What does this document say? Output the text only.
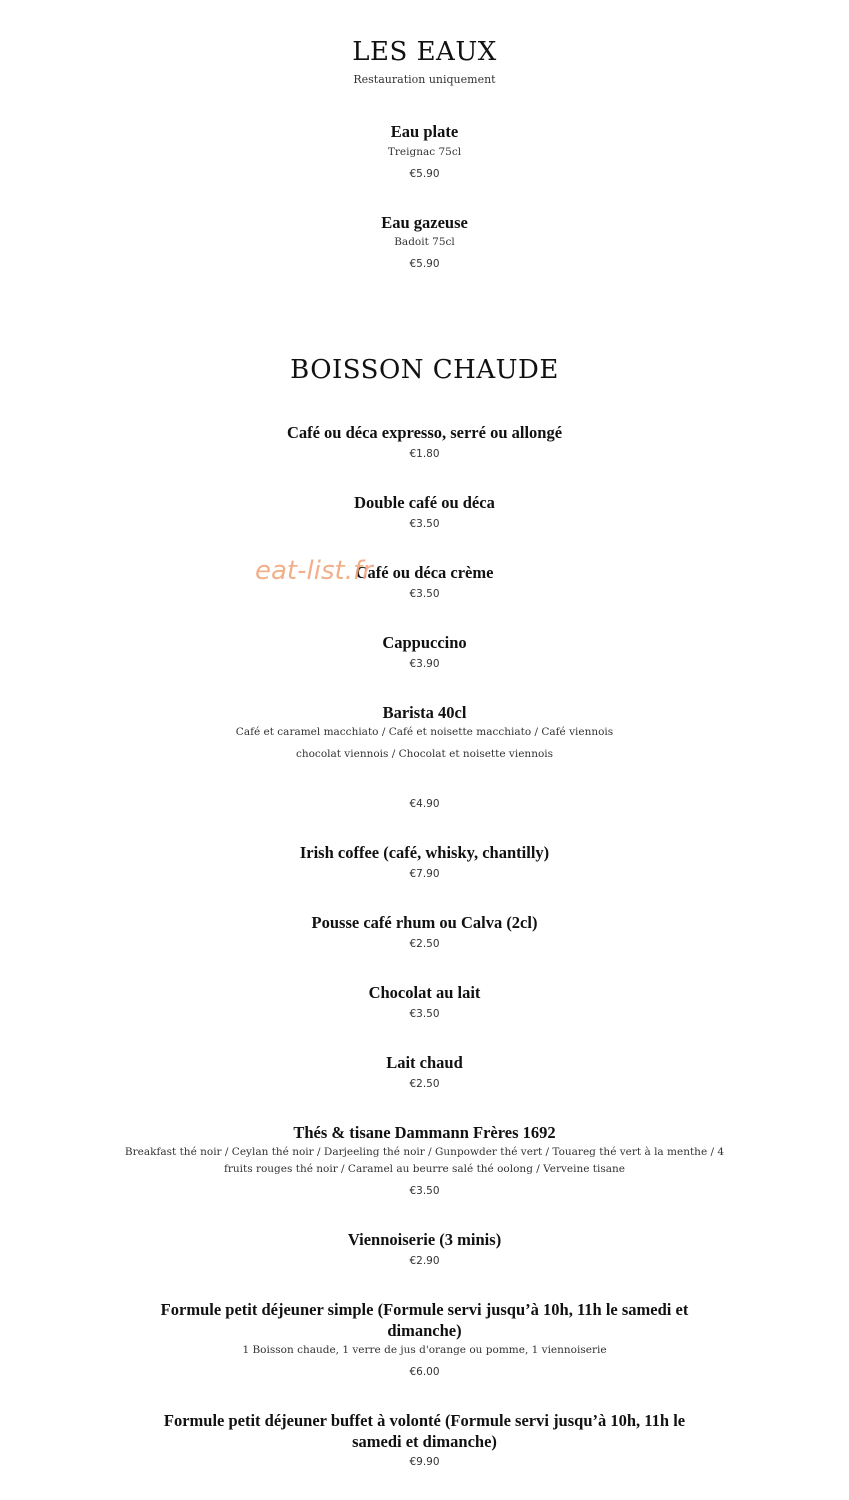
LES EAUX
Restauration uniquement
Eau plate
Treignac 75cl
€5.90
Eau gazeuse
Badoit 75cl
€5.90
BOISSON CHAUDE
Café ou déca expresso, serré ou allongé
€1.80
Double café ou déca
€3.50
Café ou déca crème
€3.50
Cappuccino
€3.90
Barista 40cl
Café et caramel macchiato / Café et noisette macchiato / Café viennois
chocolat viennois / Chocolat et noisette viennois
€4.90
Irish coffee (café, whisky, chantilly)
€7.90
Pousse café rhum ou Calva (2cl)
€2.50
Chocolat au lait
€3.50
Lait chaud
€2.50
Thés & tisane Dammann Frères 1692
Breakfast thé noir / Ceylan thé noir / Darjeeling thé noir / Gunpowder thé vert / Touareg thé vert à la menthe / 4
fruits rouges thé noir / Caramel au beurre salé thé oolong / Verveine tisane
€3.50
Viennoiserie (3 minis)
€2.90
Formule petit déjeuner simple (Formule servi jusqu’à 10h, 11h le samedi et
dimanche)
1 Boisson chaude, 1 verre de jus d'orange ou pomme, 1 viennoiserie
€6.00
Formule petit déjeuner buffet à volonté (Formule servi jusqu’à 10h, 11h le
samedi et dimanche)
€9.90
eat-list.fr
